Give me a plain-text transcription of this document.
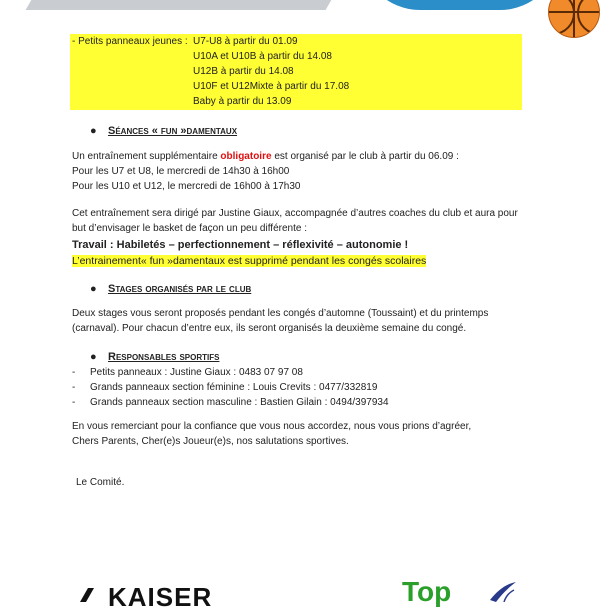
- Petits panneaux jeunes : U7-U8 à partir du 01.09
U10A et U10B à partir du 14.08
U12B à partir du 14.08
U10F et U12Mixte à partir du 17.08
Baby à partir du 13.09
● Séances « fun »damentaux
Un entraînement supplémentaire obligatoire est organisé par le club à partir du 06.09 :
Pour les U7 et U8, le mercredi de 14h30 à 16h00
Pour les U10 et U12, le mercredi de 16h00 à 17h30
Cet entraînement sera dirigé par Justine Giaux, accompagnée d’autres coaches du club et aura pour
but d’envisager le basket de façon un peu différente :
Travail : Habiletés – perfectionnement – réflexivité – autonomie !
L’entrainement« fun »damentaux est supprimé pendant les congés scolaires
● Stages organisés par le club
Deux stages vous seront proposés pendant les congés d’automne (Toussaint) et du printemps
(carnaval). Pour chacun d’entre eux, ils seront organisés la deuxième semaine du congé.
● Responsables sportifs
- Petits panneaux : Justine Giaux : 0483 07 97 08
- Grands panneaux section féminine : Louis Crevits : 0477/332819
- Grands panneaux section masculine : Bastien Gilain : 0494/397934
En vous remerciant pour la confiance que vous nous accordez, nous vous prions d’agréer,
Chers Parents, Cher(e)s Joueur(e)s, nos salutations sportives.
Le Comité.
KAISER	Top
